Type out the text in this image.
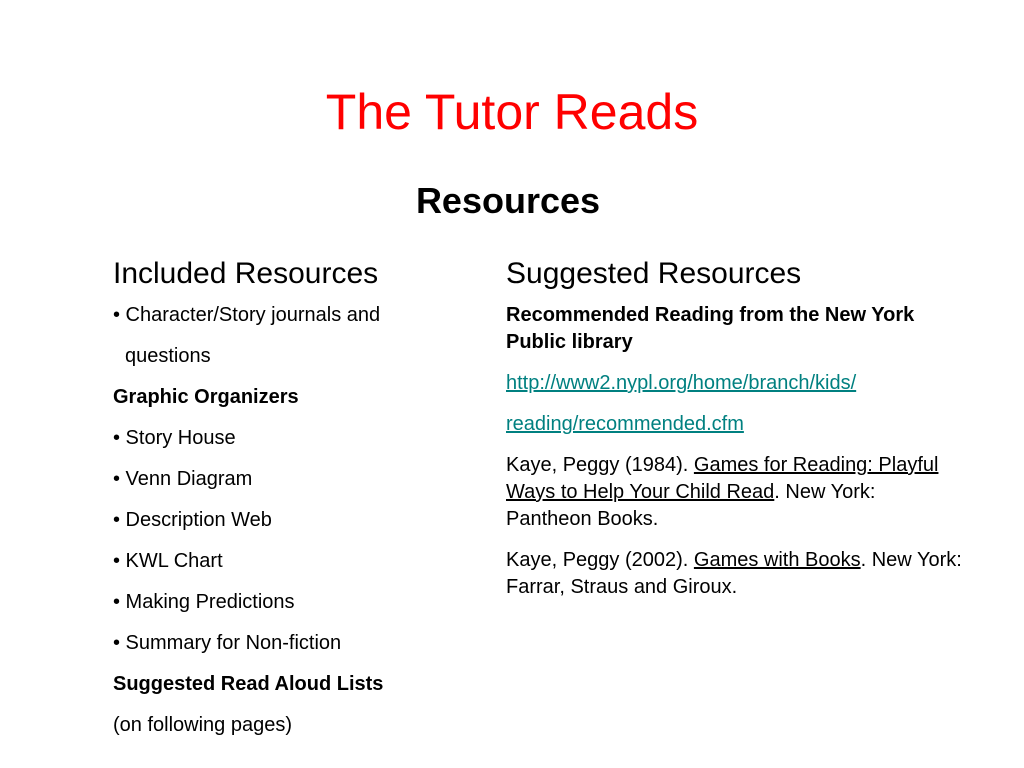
The Tutor Reads
Resources
Included Resources
• Character/Story journals and
questions
Graphic Organizers
• Story House
• Venn Diagram
• Description Web
• KWL Chart
• Making Predictions
• Summary for Non-fiction
Suggested Read Aloud Lists
(on following pages)
Suggested Resources
Recommended Reading from the New York Public library
http://www2.nypl.org/home/branch/kids/
reading/recommended.cfm
Kaye, Peggy (1984). Games for Reading: Playful Ways to Help Your Child Read. New York: Pantheon Books.
Kaye, Peggy (2002). Games with Books. New York: Farrar, Straus and Giroux.
